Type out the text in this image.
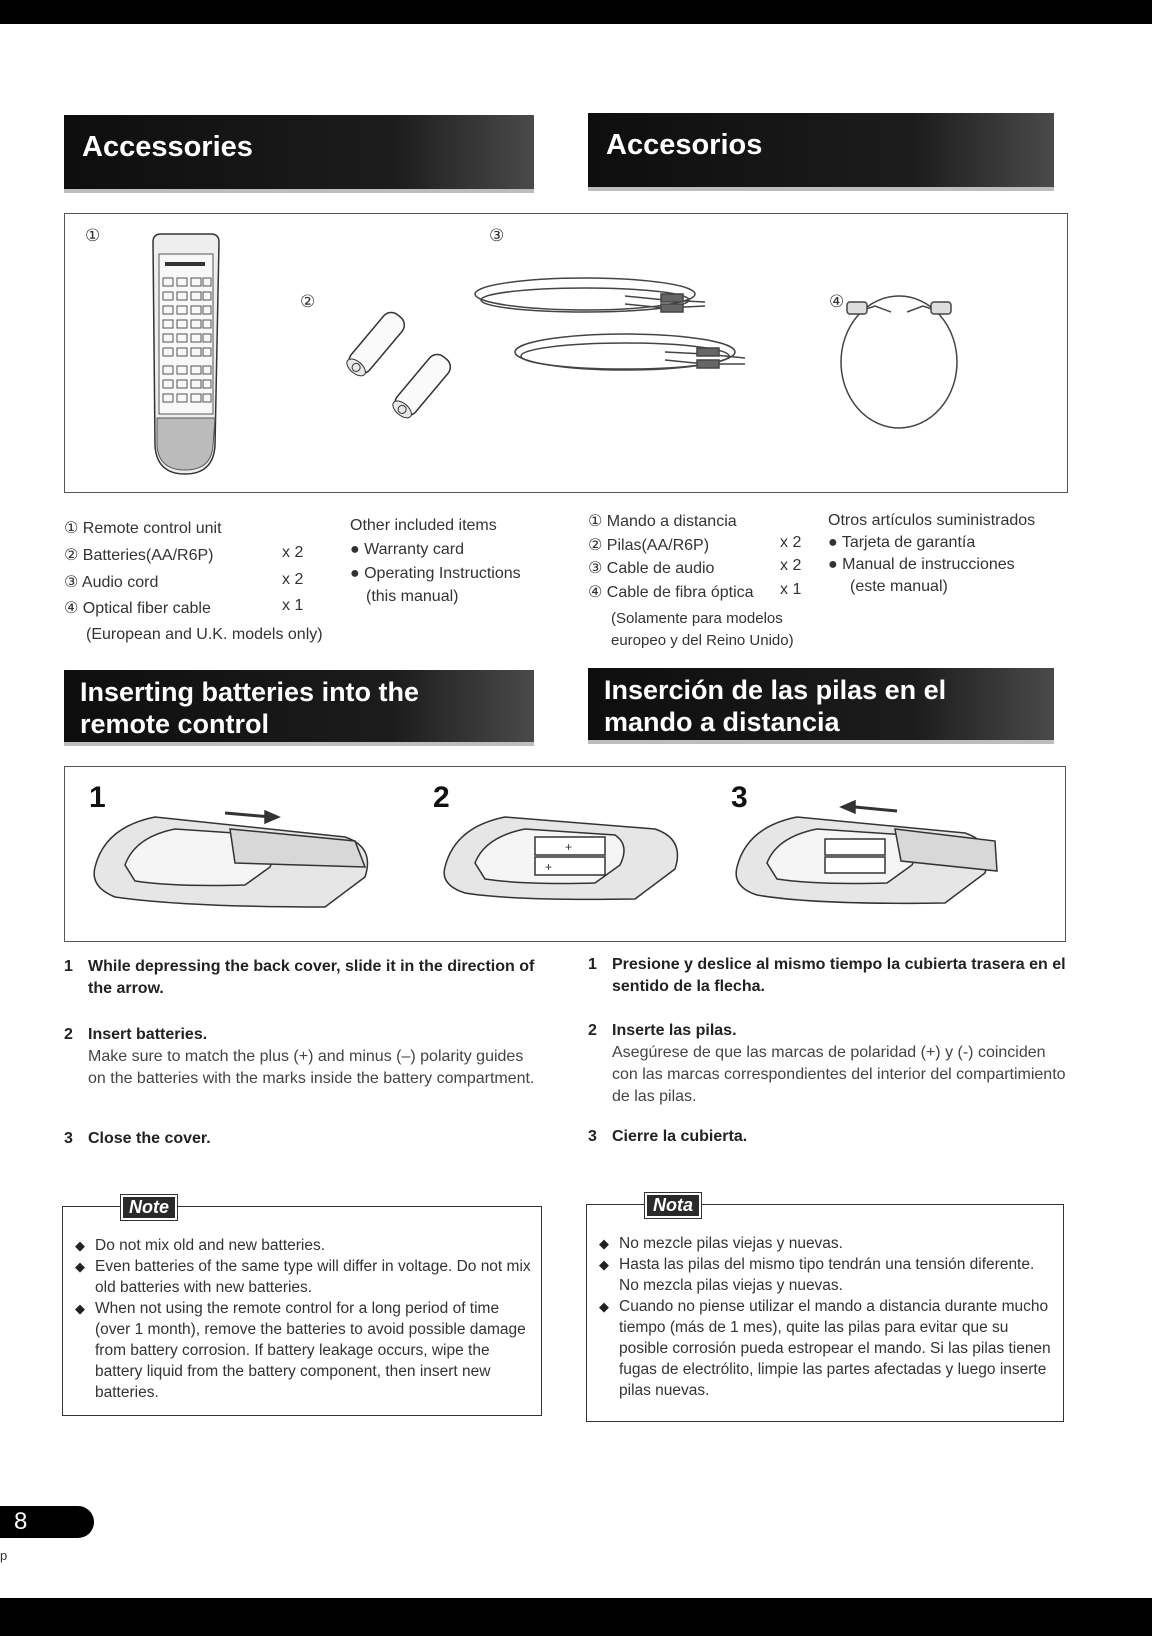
Accessories	Accesorios
①
②
③
④
① Remote control unit
② Batteries(AA/R6P)	x 2
③ Audio cord	x 2
④ Optical fiber cable	x 1
(European and U.K. models only)
Other included items
● Warranty card
● Operating Instructions
(this manual)
① Mando a distancia
② Pilas(AA/R6P)	x 2
③ Cable de audio	x 2
④ Cable de fibra óptica x 1
(Solamente para modelos
europeo y del Reino Unido)
Otros artículos suministrados
● Tarjeta de garantía
● Manual de instrucciones
(este manual)
Inserting batteries into the
remote control
Inserción de las pilas en el
mando a distancia
1	2	3
+
+
1 While depressing the back cover, slide it in the direction of the arrow.
2 Insert batteries.
Make sure to match the plus (+) and minus (–) polarity guides on the batteries with the marks inside the battery compartment.
3 Close the cover.
1 Presione y deslice al mismo tiempo la cubierta trasera en el sentido de la flecha.
2 Inserte las pilas.
Asegúrese de que las marcas de polaridad (+) y (-) coinciden con las marcas correspondientes del interior del compartimiento de las pilas.
3 Cierre la cubierta.
Note
◆ Do not mix old and new batteries.
◆ Even batteries of the same type will differ in voltage. Do not mix old batteries with new batteries.
◆ When not using the remote control for a long period of time (over 1 month), remove the batteries to avoid possible damage from battery corrosion. If battery leakage occurs, wipe the battery liquid from the battery component, then insert new batteries.
Nota
◆ No mezcle pilas viejas y nuevas.
◆ Hasta las pilas del mismo tipo tendrán una tensión diferente. No mezcla pilas viejas y nuevas.
◆ Cuando no piense utilizar el mando a distancia durante mucho tiempo (más de 1 mes), quite las pilas para evitar que su posible corrosión pueda estropear el mando. Si las pilas tienen fugas de electrólito, limpie las partes afectadas y luego inserte pilas nuevas.
8
p
